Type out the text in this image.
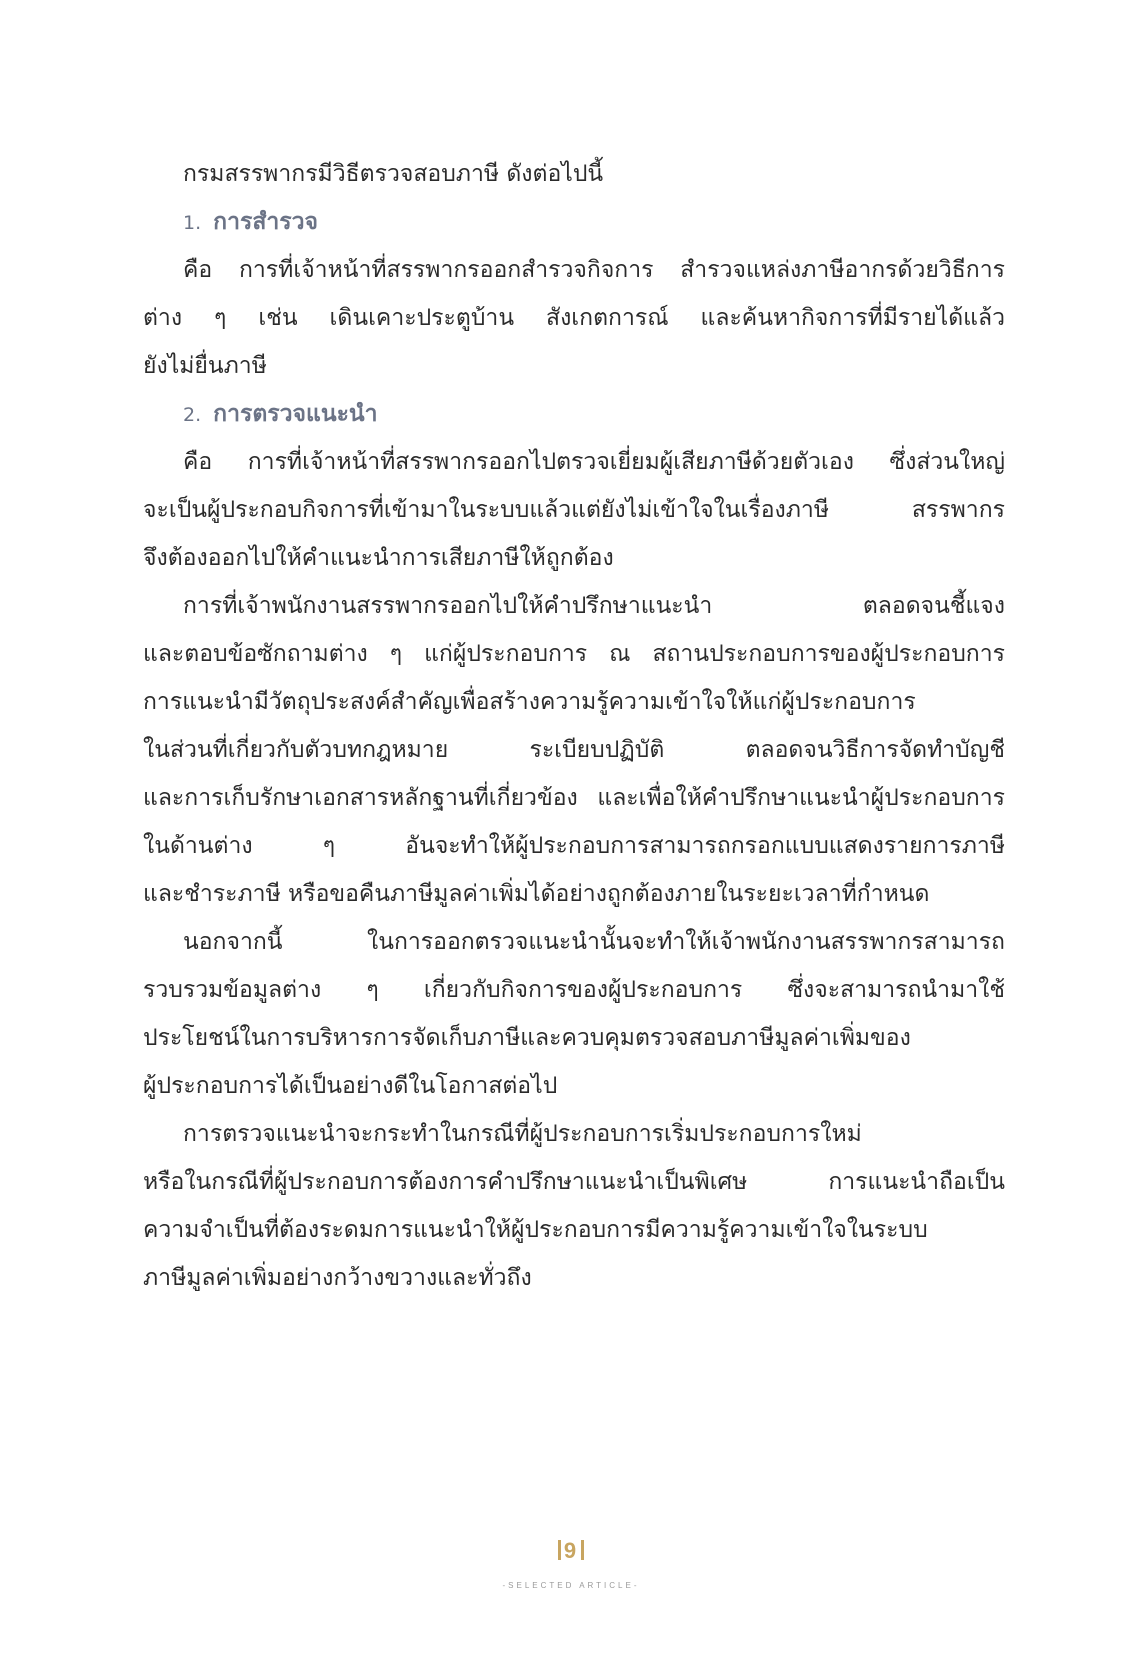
กรมสรรพากรมีวิธีตรวจสอบภาษี ดังต่อไปนี้
1. การสำรวจ
คือ การที่เจ้าหน้าที่สรรพากรออกสำรวจกิจการ สำรวจแหล่งภาษีอากรด้วยวิธีการ
ต่าง ๆ เช่น เดินเคาะประตูบ้าน สังเกตการณ์ และค้นหากิจการที่มีรายได้แล้ว
ยังไม่ยื่นภาษี
2. การตรวจแนะนำ
คือ การที่เจ้าหน้าที่สรรพากรออกไปตรวจเยี่ยมผู้เสียภาษีด้วยตัวเอง ซึ่งส่วนใหญ่
จะเป็นผู้ประกอบกิจการที่เข้ามาในระบบแล้วแต่ยังไม่เข้าใจในเรื่องภาษี สรรพากร
จึงต้องออกไปให้คำแนะนำการเสียภาษีให้ถูกต้อง
การที่เจ้าพนักงานสรรพากรออกไปให้คำปรึกษาแนะนำ ตลอดจนชี้แจง
และตอบข้อซักถามต่าง ๆ แก่ผู้ประกอบการ ณ สถานประกอบการของผู้ประกอบการ
การแนะนำมีวัตถุประสงค์สำคัญเพื่อสร้างความรู้ความเข้าใจให้แก่ผู้ประกอบการ
ในส่วนที่เกี่ยวกับตัวบทกฎหมาย ระเบียบปฏิบัติ ตลอดจนวิธีการจัดทำบัญชี
และการเก็บรักษาเอกสารหลักฐานที่เกี่ยวข้อง และเพื่อให้คำปรึกษาแนะนำผู้ประกอบการ
ในด้านต่าง ๆ อันจะทำให้ผู้ประกอบการสามารถกรอกแบบแสดงรายการภาษี
และชำระภาษี หรือขอคืนภาษีมูลค่าเพิ่มได้อย่างถูกต้องภายในระยะเวลาที่กำหนด
นอกจากนี้ ในการออกตรวจแนะนำนั้นจะทำให้เจ้าพนักงานสรรพากรสามารถ
รวบรวมข้อมูลต่าง ๆ เกี่ยวกับกิจการของผู้ประกอบการ ซึ่งจะสามารถนำมาใช้
ประโยชน์ในการบริหารการจัดเก็บภาษีและควบคุมตรวจสอบภาษีมูลค่าเพิ่มของ
ผู้ประกอบการได้เป็นอย่างดีในโอกาสต่อไป
การตรวจแนะนำจะกระทำในกรณีที่ผู้ประกอบการเริ่มประกอบการใหม่
หรือในกรณีที่ผู้ประกอบการต้องการคำปรึกษาแนะนำเป็นพิเศษ การแนะนำถือเป็น
ความจำเป็นที่ต้องระดมการแนะนำให้ผู้ประกอบการมีความรู้ความเข้าใจในระบบ
ภาษีมูลค่าเพิ่มอย่างกว้างขวางและทั่วถึง
9
-SELECTED ARTICLE-
